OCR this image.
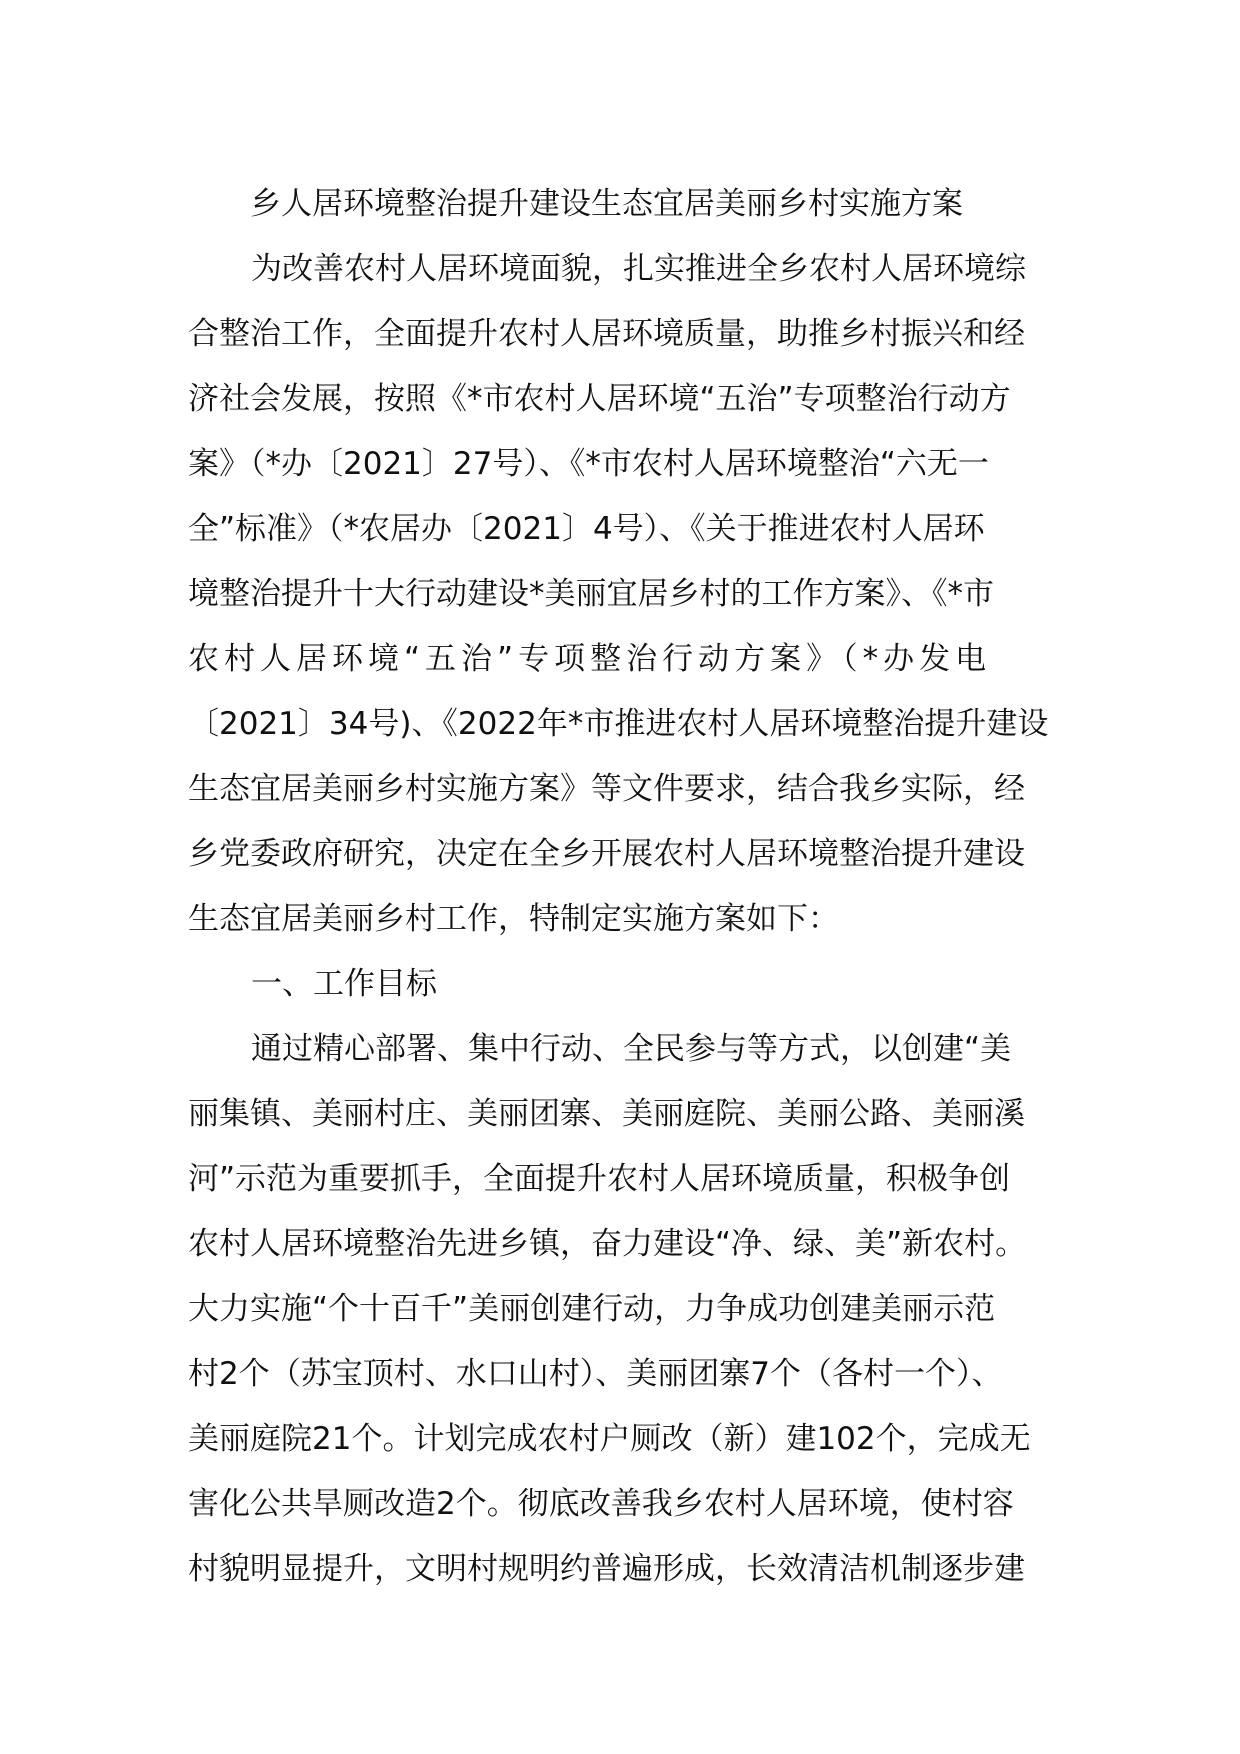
乡人居环境整治提升建设生态宜居美丽乡村实施方案
为改善农村人居环境面貌，扎实推进全乡农村人居环境综
合整治工作，全面提升农村人居环境质量，助推乡村振兴和经
济社会发展，按照《*市农村人居环境“五治”专项整治行动方
案》（*办〔2021〕27号）、《*市农村人居环境整治“六无一
全”标准》（*农居办〔2021〕4号）、《关于推进农村人居环
境整治提升十大行动建设*美丽宜居乡村的工作方案》、《*市
农村人居环境“五治”专项整治行动方案》（*办发电
〔2021〕34号)、《2022年*市推进农村人居环境整治提升建设
生态宜居美丽乡村实施方案》等文件要求，结合我乡实际，经
乡党委政府研究，决定在全乡开展农村人居环境整治提升建设
生态宜居美丽乡村工作，特制定实施方案如下：
一、工作目标
通过精心部署、集中行动、全民参与等方式，以创建“美
丽集镇、美丽村庄、美丽团寨、美丽庭院、美丽公路、美丽溪
河”示范为重要抓手，全面提升农村人居环境质量，积极争创
农村人居环境整治先进乡镇，奋力建设“净、绿、美”新农村。
大力实施“个十百千”美丽创建行动，力争成功创建美丽示范
村2个（苏宝顶村、水口山村）、美丽团寨7个（各村一个）、
美丽庭院21个。计划完成农村户厕改（新）建102个，完成无
害化公共旱厕改造2个。彻底改善我乡农村人居环境，使村容
村貌明显提升，文明村规明约普遍形成，长效清洁机制逐步建
